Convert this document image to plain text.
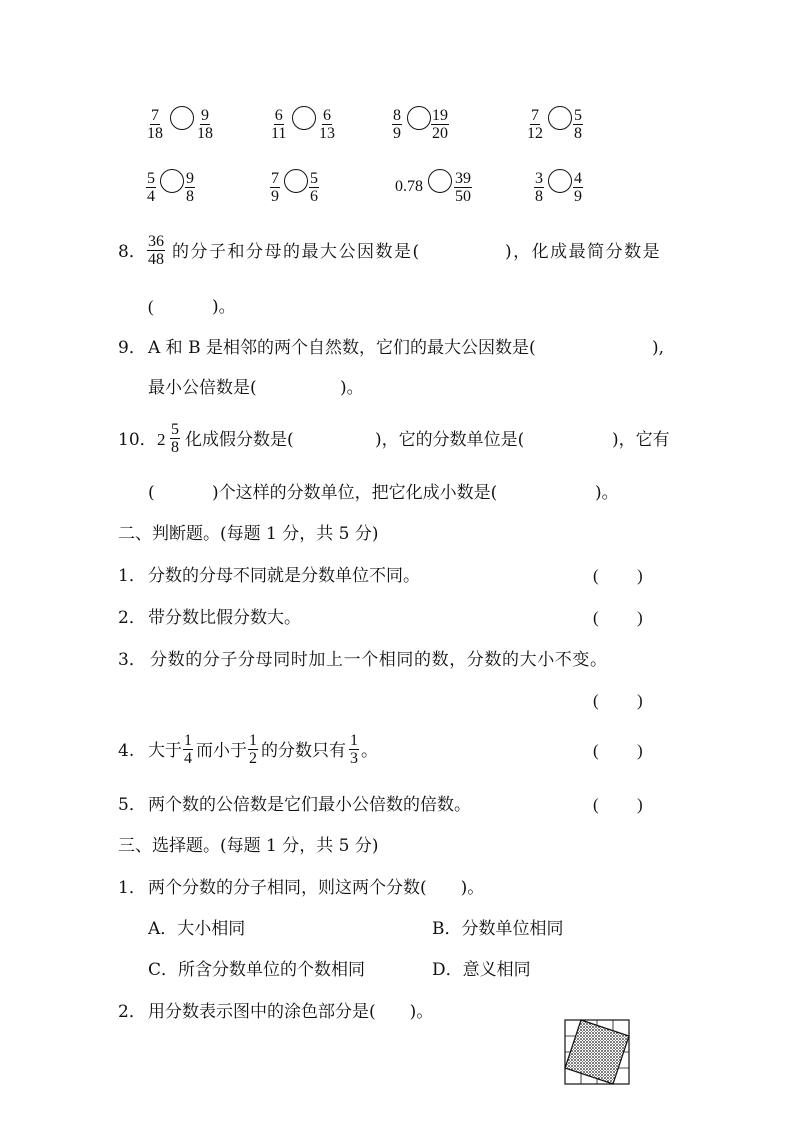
$\frac{7}{18} \frac{9}{18}$	$\frac{6}{11} \frac{6}{13}$	$\frac{8}{9} \frac{19}{20}$	$\frac{7}{12} \frac{5}{8}$
$\frac{5}{4} \frac{9}{8}$	$\frac{7}{9} \frac{5}{6}$	$0.78 \frac{39}{50}$	$\frac{3}{8} \frac{4}{9}$
8． $\frac{36}{48}$ 的分子和分母的最大公因数是(	)，化成最简分数是
(	)。
9． A 和 B 是相邻的两个自然数，它们的最大公因数是(	),
最小公倍数是(	)。
10． $2 \frac{5}{8}$ 化成假分数是(	)，它的分数单位是(	)，它有
(	)个这样的分数单位，把它化成小数是(	)。
二、判断题。(每题 1 分，共 5 分)
1． 分数的分母不同就是分数单位不同。	( )
2． 带分数比假分数大。	( )
3． 分数的分子分母同时加上一个相同的数，分数的大小不变。
( )
4. 大于 $\frac{1}{4}$ 而小于 $\frac{1}{2}$ 的分数只有 $\frac{1}{3}$ 。	( )
5． 两个数的公倍数是它们最小公倍数的倍数。	( )
三、选择题。(每题 1 分，共 5 分)
1． 两个分数的分子相同，则这两个分数(　　)。
A．大小相同	B．分数单位相同
C．所含分数单位的个数相同	D．意义相同
2． 用分数表示图中的涂色部分是(　　)。
